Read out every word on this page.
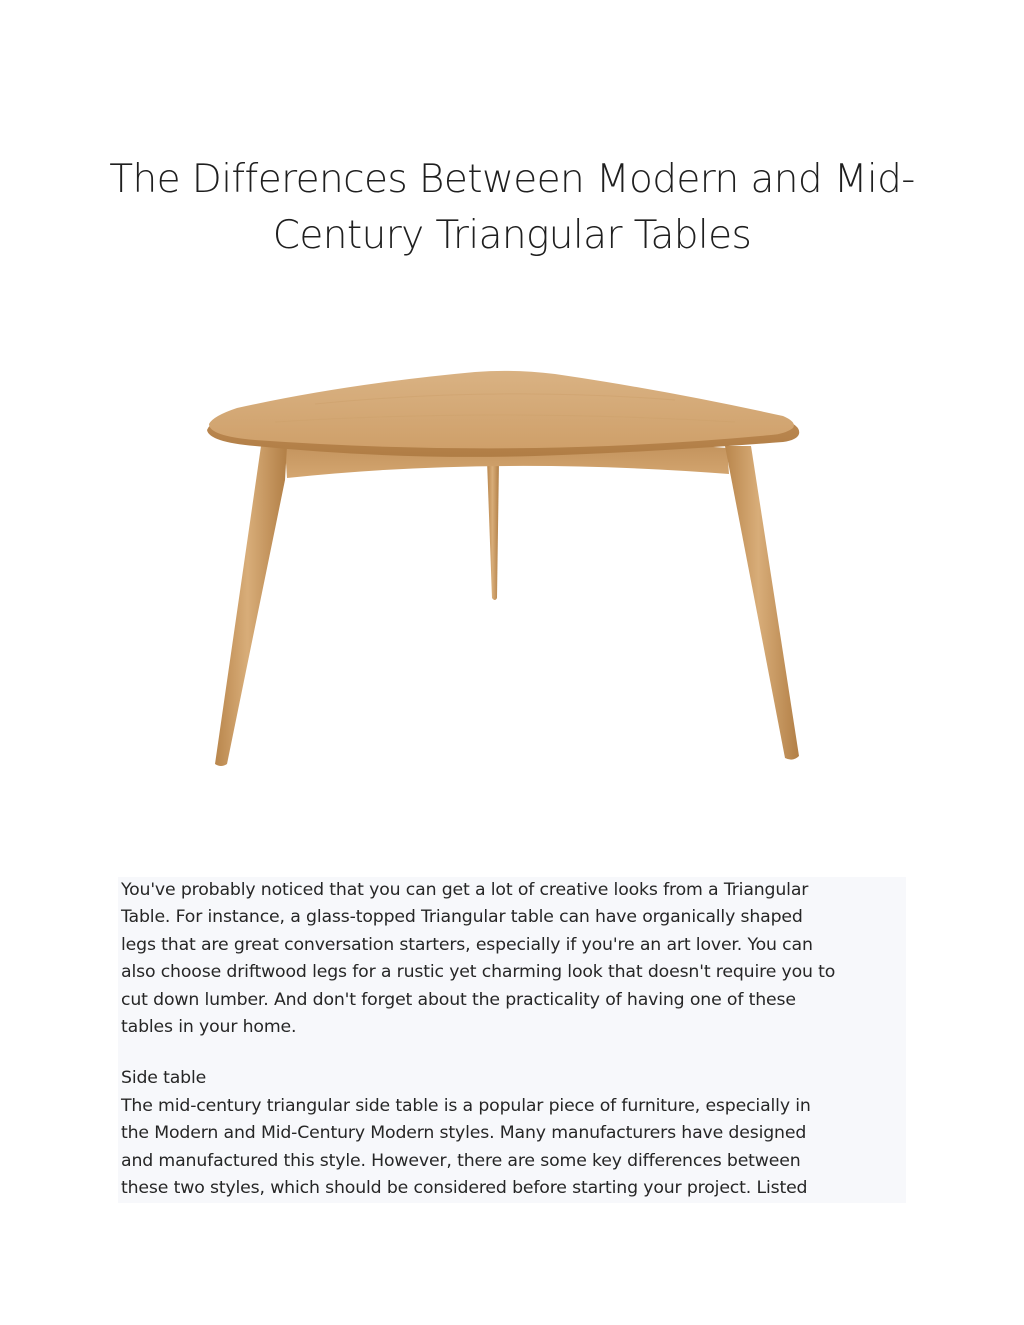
The Differences Between Modern and Mid-
Century Triangular Tables

You've probably noticed that you can get a lot of creative looks from a Triangular
Table. For instance, a glass-topped Triangular table can have organically shaped
legs that are great conversation starters, especially if you're an art lover. You can
also choose driftwood legs for a rustic yet charming look that doesn't require you to
cut down lumber. And don't forget about the practicality of having one of these
tables in your home.

Side table

The mid-century triangular side table is a popular piece of furniture, especially in
the Modern and Mid-Century Modern styles. Many manufacturers have designed
and manufactured this style. However, there are some key differences between
these two styles, which should be considered before starting your project. Listed
